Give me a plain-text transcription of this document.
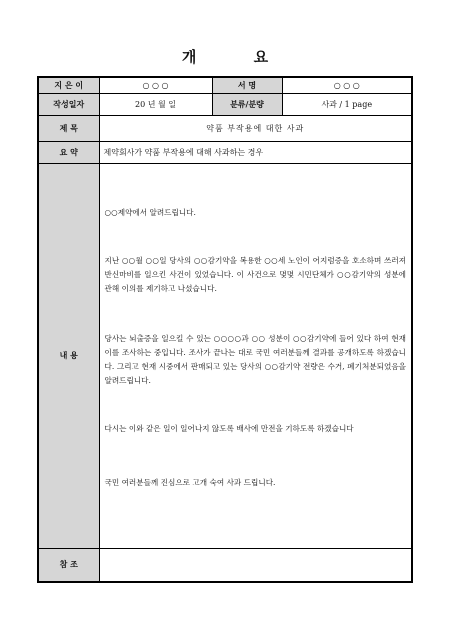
개 요
지 은 이	○ ○ ○	서 명	○ ○ ○
작성일자	20 년 월 일	분류/분량	사과 / 1 page
제 목	약품 부작용에 대한 사과		
요 약	제약회사가 약품 부작용에 대해 사과하는 경우		
내 용	○○제약에서 알려드립니다.

지난 ○○월 ○○일 당사의 ○○감기약을 복용한 ○○세 노인이 어지럼증을 호소하며 쓰러져 반신마비를 일으킨 사건이 있었습니다. 이 사건으로 몇몇 시민단체가 ○○감기약의 성분에 관해 이의를 제기하고 나섰습니다.

당사는 뇌출증을 일으킬 수 있는 ○○○○과 ○○ 성분이 ○○감기약에 들어 있다 하여 현재 이를 조사하는 중입니다. 조사가 끝나는 대로 국민 여러분들께 결과를 공개하도록 하겠습니다. 그리고 현재 시중에서 판매되고 있는 당사의 ○○감기약 전량은 수거, 폐기처분되었음을 알려드립니다.

다시는 이와 같은 일이 일어나지 않도록 배사에 만전을 기하도록 하겠습니다

국민 여러분들께 진심으로 고개 숙여 사과 드립니다.		

참 조			
